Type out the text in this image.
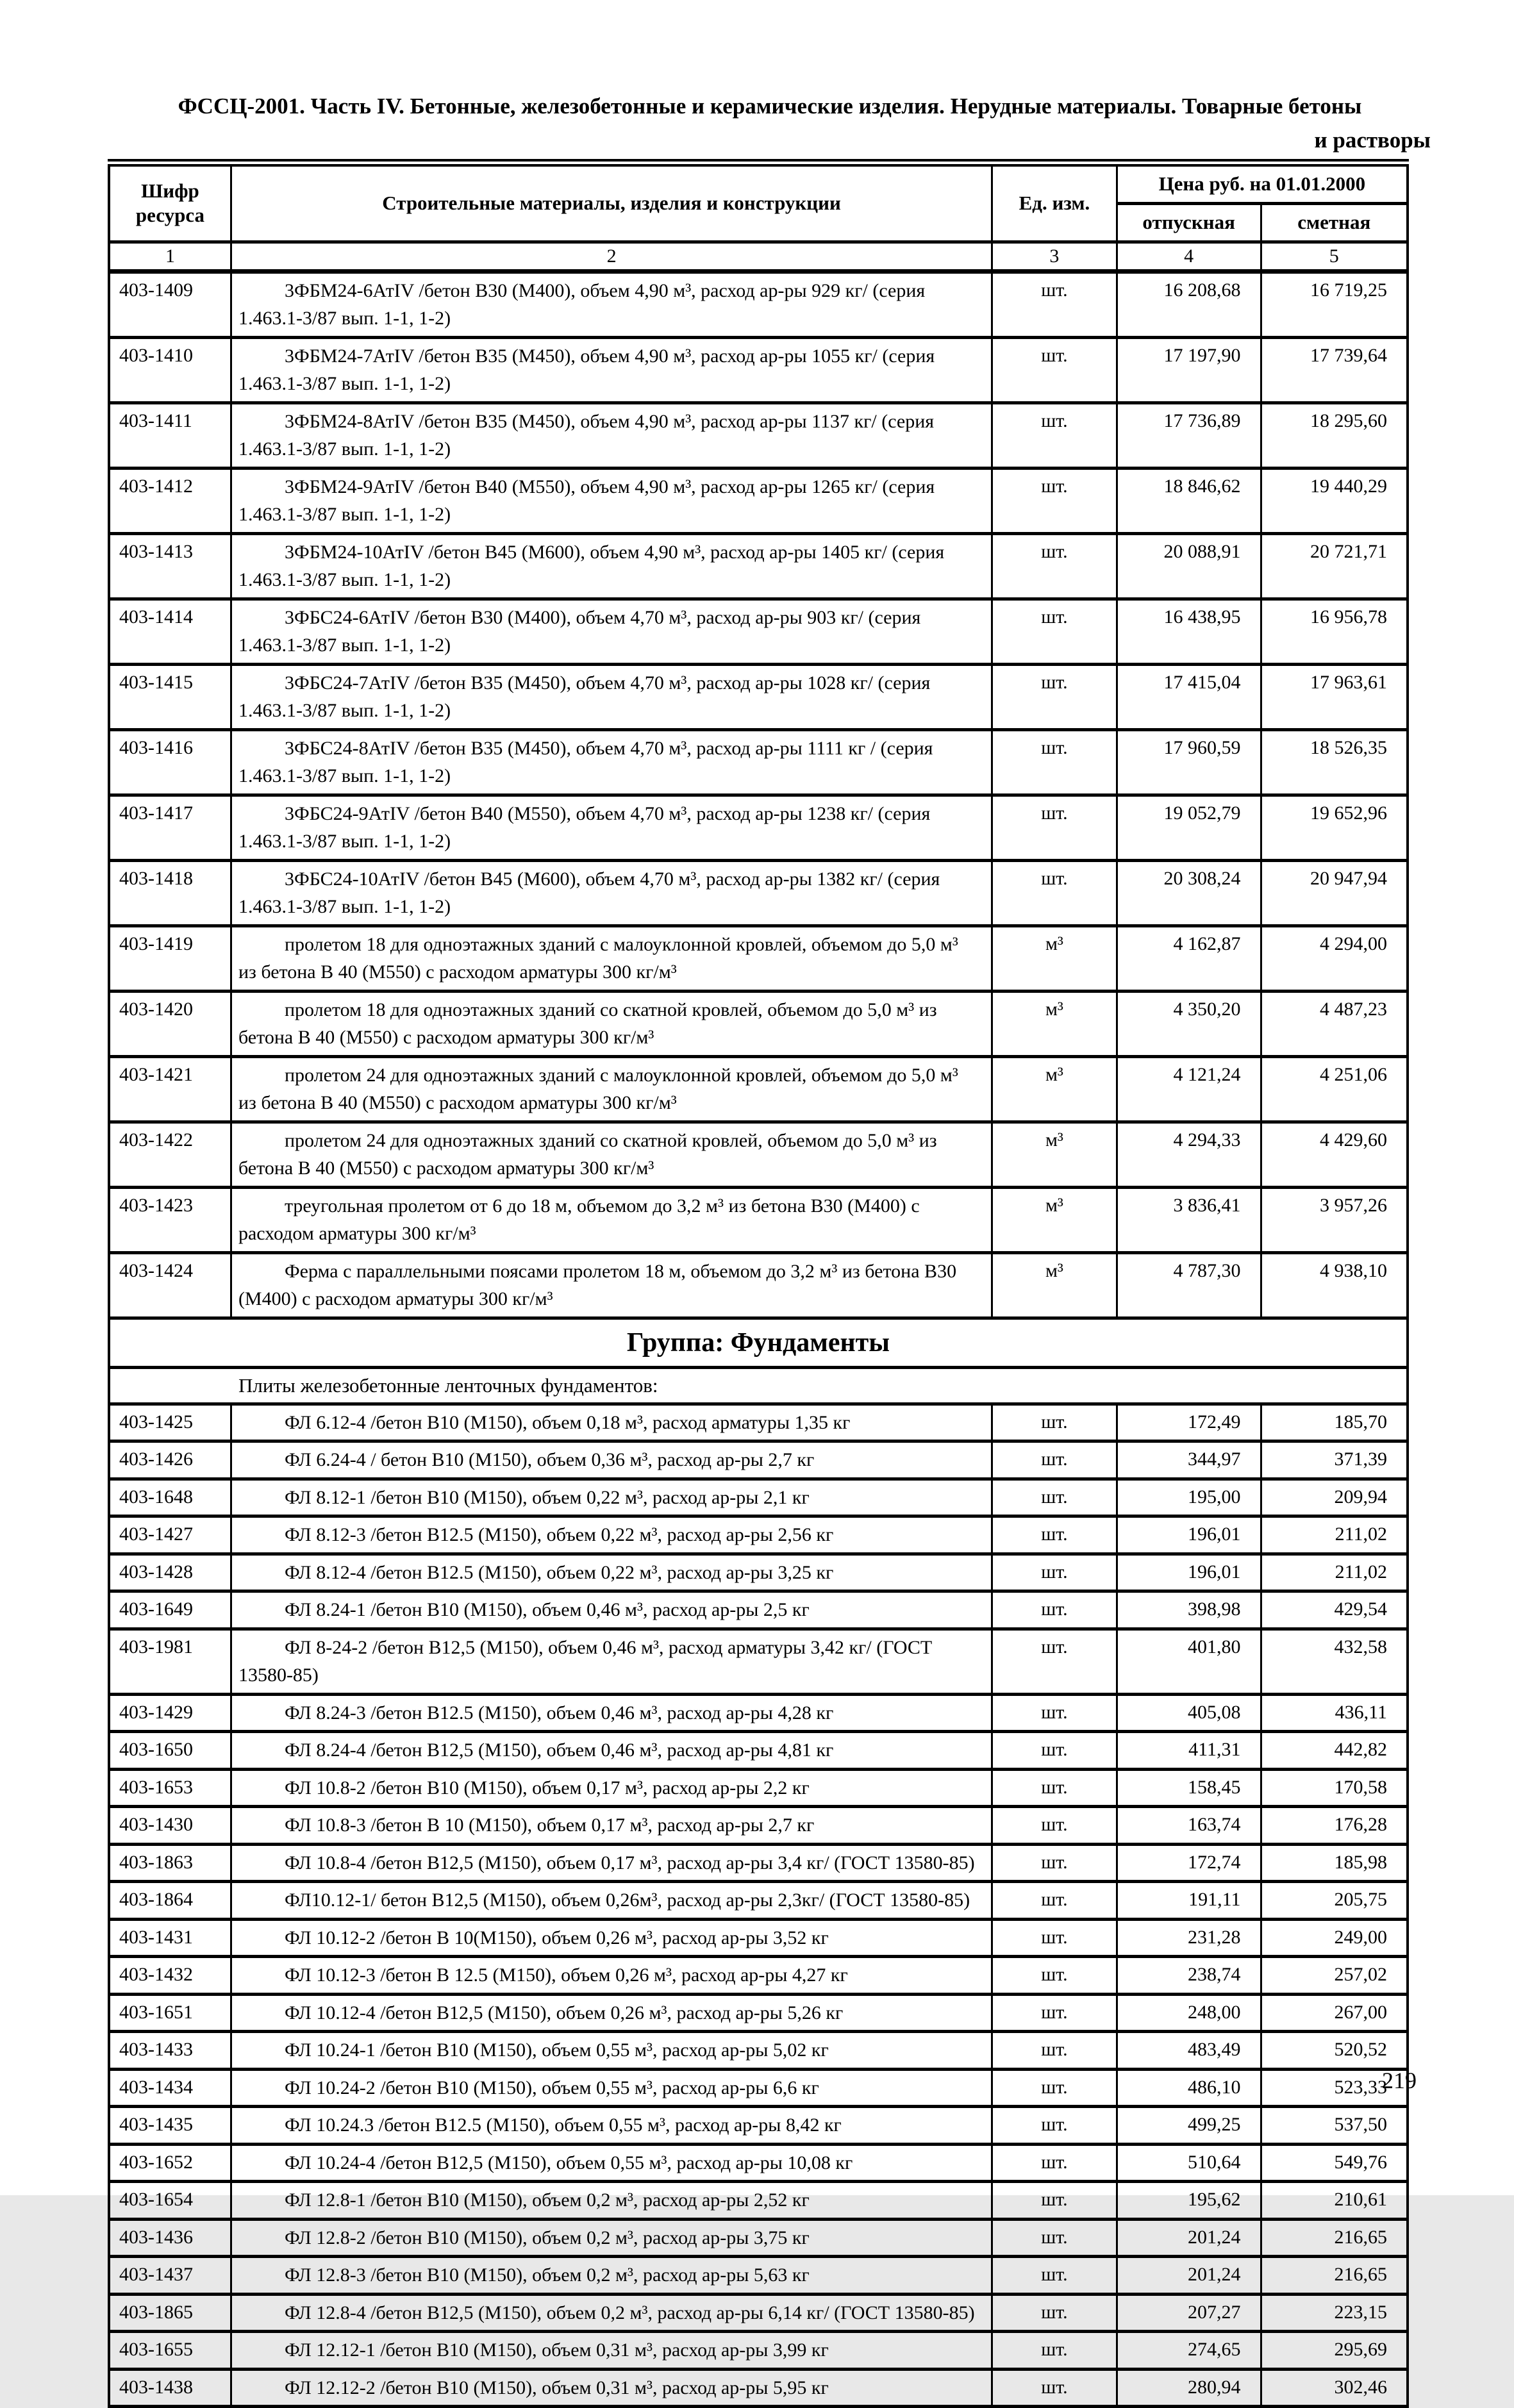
ФССЦ-2001. Часть IV. Бетонные, железобетонные и керамические изделия. Нерудные материалы. Товарные бетоны
и растворы
Шифр ресурса	Строительные материалы, изделия и конструкции	Ед. изм.	Цена руб. на 01.01.2000	
			отпускная	сметная
1	2	3	4	5
403-1409	3ФБМ24-6АтIV /бетон В30 (М400), объем 4,90 м³, расход ар-ры 929 кг/ (серия 1.463.1-3/87 вып. 1-1, 1-2)	шт.	16 208,68	16 719,25
403-1410	3ФБМ24-7АтIV /бетон В35 (М450), объем 4,90 м³, расход ар-ры 1055 кг/ (серия 1.463.1-3/87 вып. 1-1, 1-2)	шт.	17 197,90	17 739,64
403-1411	3ФБМ24-8АтIV /бетон В35 (М450), объем 4,90 м³, расход ар-ры 1137 кг/ (серия 1.463.1-3/87 вып. 1-1, 1-2)	шт.	17 736,89	18 295,60
403-1412	3ФБМ24-9АтIV /бетон В40 (М550), объем 4,90 м³, расход ар-ры 1265 кг/ (серия 1.463.1-3/87 вып. 1-1, 1-2)	шт.	18 846,62	19 440,29
403-1413	3ФБМ24-10АтIV /бетон В45 (М600), объем 4,90 м³, расход ар-ры 1405 кг/ (серия 1.463.1-3/87 вып. 1-1, 1-2)	шт.	20 088,91	20 721,71
403-1414	3ФБС24-6АтIV /бетон В30 (М400), объем 4,70 м³, расход ар-ры 903 кг/ (серия 1.463.1-3/87 вып. 1-1, 1-2)	шт.	16 438,95	16 956,78
403-1415	3ФБС24-7АтIV /бетон В35 (М450), объем 4,70 м³, расход ар-ры 1028 кг/ (серия 1.463.1-3/87 вып. 1-1, 1-2)	шт.	17 415,04	17 963,61
403-1416	3ФБС24-8АтIV /бетон В35 (М450), объем 4,70 м³, расход ар-ры 1111 кг / (серия 1.463.1-3/87 вып. 1-1, 1-2)	шт.	17 960,59	18 526,35
403-1417	3ФБС24-9АтIV /бетон В40 (М550), объем 4,70 м³, расход ар-ры 1238 кг/ (серия 1.463.1-3/87 вып. 1-1, 1-2)	шт.	19 052,79	19 652,96
403-1418	3ФБС24-10АтIV /бетон В45 (М600), объем 4,70 м³, расход ар-ры 1382 кг/ (серия 1.463.1-3/87 вып. 1-1, 1-2)	шт.	20 308,24	20 947,94
403-1419	пролетом 18 для одноэтажных зданий с малоуклонной кровлей, объемом до 5,0 м³ из бетона В 40 (М550) с расходом арматуры 300 кг/м³	м³	4 162,87	4 294,00
403-1420	пролетом 18 для одноэтажных зданий со скатной кровлей, объемом до 5,0 м³ из бетона В 40 (М550) с расходом арматуры 300 кг/м³	м³	4 350,20	4 487,23
403-1421	пролетом 24 для одноэтажных зданий с малоуклонной кровлей, объемом до 5,0 м³ из бетона В 40 (М550) с расходом арматуры 300 кг/м³	м³	4 121,24	4 251,06
403-1422	пролетом 24 для одноэтажных зданий со скатной кровлей, объемом до 5,0 м³ из бетона В 40 (М550) с расходом арматуры 300 кг/м³	м³	4 294,33	4 429,60
403-1423	треугольная пролетом от 6 до 18 м, объемом до 3,2 м³ из бетона В30 (М400) с расходом арматуры 300 кг/м³	м³	3 836,41	3 957,26
403-1424	Ферма с параллельными поясами пролетом 18 м, объемом до 3,2 м³ из бетона В30 (М400) с расходом арматуры 300 кг/м³	м³	4 787,30	4 938,10
Группа: Фундаменты				
Плиты железобетонные ленточных фундаментов:				
403-1425	ФЛ 6.12-4 /бетон В10 (М150), объем 0,18 м³, расход арматуры 1,35 кг	шт.	172,49	185,70
403-1426	ФЛ 6.24-4 / бетон В10 (М150), объем 0,36 м³, расход ар-ры 2,7 кг	шт.	344,97	371,39
403-1648	ФЛ 8.12-1 /бетон В10 (М150), объем 0,22 м³, расход ар-ры 2,1 кг	шт.	195,00	209,94
403-1427	ФЛ 8.12-3 /бетон В12.5 (М150), объем 0,22 м³, расход ар-ры 2,56 кг	шт.	196,01	211,02
403-1428	ФЛ 8.12-4 /бетон В12.5 (М150), объем 0,22 м³, расход ар-ры 3,25 кг	шт.	196,01	211,02
403-1649	ФЛ 8.24-1 /бетон В10 (М150), объем 0,46 м³, расход ар-ры 2,5 кг	шт.	398,98	429,54
403-1981	ФЛ 8-24-2 /бетон В12,5 (М150), объем 0,46 м³, расход арматуры 3,42 кг/ (ГОСТ 13580-85)	шт.	401,80	432,58
403-1429	ФЛ 8.24-3 /бетон В12.5 (М150), объем 0,46 м³, расход ар-ры 4,28 кг	шт.	405,08	436,11
403-1650	ФЛ 8.24-4 /бетон В12,5 (М150), объем 0,46 м³, расход ар-ры 4,81 кг	шт.	411,31	442,82
403-1653	ФЛ 10.8-2 /бетон В10 (М150), объем 0,17 м³, расход ар-ры 2,2 кг	шт.	158,45	170,58
403-1430	ФЛ 10.8-3 /бетон В 10 (М150), объем 0,17 м³, расход ар-ры 2,7 кг	шт.	163,74	176,28
403-1863	ФЛ 10.8-4 /бетон В12,5 (М150), объем 0,17 м³, расход ар-ры 3,4 кг/ (ГОСТ 13580-85)	шт.	172,74	185,98
403-1864	ФЛ10.12-1/ бетон В12,5 (М150), объем 0,26м³, расход ар-ры 2,3кг/ (ГОСТ 13580-85)	шт.	191,11	205,75
403-1431	ФЛ 10.12-2 /бетон В 10(М150), объем 0,26 м³, расход ар-ры 3,52 кг	шт.	231,28	249,00
403-1432	ФЛ 10.12-3 /бетон В 12.5 (М150), объем 0,26 м³, расход ар-ры 4,27 кг	шт.	238,74	257,02
403-1651	ФЛ 10.12-4 /бетон В12,5 (М150), объем 0,26 м³, расход ар-ры 5,26 кг	шт.	248,00	267,00
403-1433	ФЛ 10.24-1 /бетон В10 (М150), объем 0,55 м³, расход ар-ры 5,02 кг	шт.	483,49	520,52
403-1434	ФЛ 10.24-2 /бетон В10 (М150), объем 0,55 м³, расход ар-ры 6,6 кг	шт.	486,10	523,33
403-1435	ФЛ 10.24.3 /бетон В12.5 (М150), объем 0,55 м³, расход ар-ры 8,42 кг	шт.	499,25	537,50
403-1652	ФЛ 10.24-4 /бетон В12,5 (М150), объем 0,55 м³, расход ар-ры 10,08 кг	шт.	510,64	549,76
403-1654	ФЛ 12.8-1 /бетон В10 (М150), объем 0,2 м³, расход ар-ры 2,52 кг	шт.	195,62	210,61
403-1436	ФЛ 12.8-2 /бетон В10 (М150), объем 0,2 м³, расход ар-ры 3,75 кг	шт.	201,24	216,65
403-1437	ФЛ 12.8-3 /бетон В10 (М150), объем 0,2 м³, расход ар-ры 5,63 кг	шт.	201,24	216,65
403-1865	ФЛ 12.8-4 /бетон В12,5 (М150), объем 0,2 м³, расход ар-ры 6,14 кг/ (ГОСТ 13580-85)	шт.	207,27	223,15
403-1655	ФЛ 12.12-1 /бетон В10 (М150), объем 0,31 м³, расход ар-ры 3,99 кг	шт.	274,65	295,69
403-1438	ФЛ 12.12-2 /бетон В10 (М150), объем 0,31 м³, расход ар-ры 5,95 кг	шт.	280,94	302,46
219
